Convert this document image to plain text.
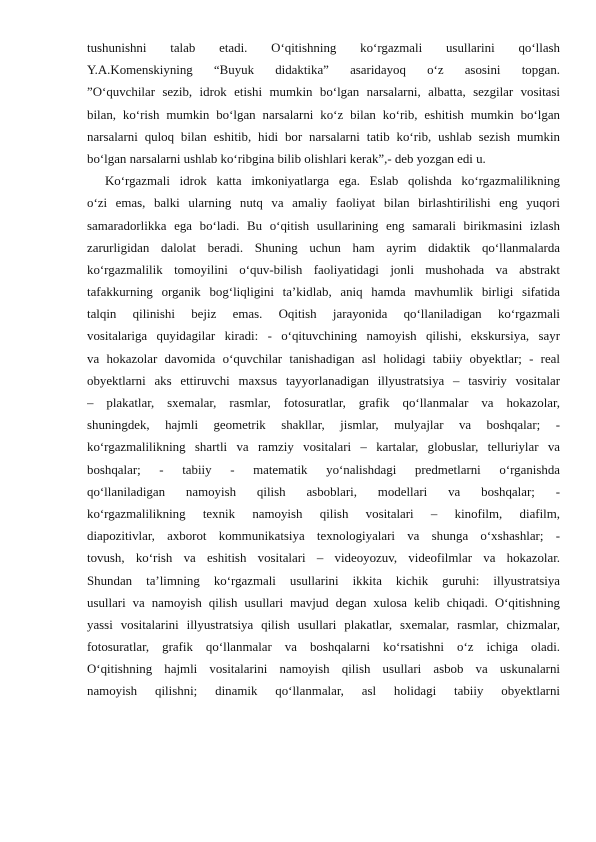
tushunishni talab etadi. O‘qitishning ko‘rgazmali usullarini qo‘llash
Y.A.Komenskiyning “Buyuk didaktika” asaridayoq o‘z asosini topgan.
”O‘quvchilar sezib, idrok etishi mumkin bo‘lgan narsalarni, albatta, sezgilar vositasi
bilan, ko‘rish mumkin bo‘lgan narsalarni ko‘z bilan ko‘rib, eshitish mumkin bo‘lgan
narsalarni quloq bilan eshitib, hidi bor narsalarni tatib ko‘rib, ushlab sezish mumkin
bo‘lgan narsalarni ushlab ko‘ribgina bilib olishlari kerak”,- deb yozgan edi u.
Ko‘rgazmali idrok katta imkoniyatlarga ega. Eslab qolishda ko‘rgazmalilikning
o‘zi emas, balki ularning nutq va amaliy faoliyat bilan birlashtirilishi eng yuqori
samaradorlikka ega bo‘ladi. Bu o‘qitish usullarining eng samarali birikmasini izlash
zarurligidan dalolat beradi. Shuning uchun ham ayrim didaktik qo‘llanmalarda
ko‘rgazmalilik tomoyilini o‘quv-bilish faoliyatidagi jonli mushohada va abstrakt
tafakkurning organik bog‘liqligini ta’kidlab, aniq hamda mavhumlik birligi sifatida
talqin qilinishi bejiz emas. Oqitish jarayonida qo‘llaniladigan ko‘rgazmali
vositalariga quyidagilar kiradi: - o‘qituvchining namoyish qilishi, ekskursiya, sayr
va hokazolar davomida o‘quvchilar tanishadigan asl holidagi tabiiy obyektlar; - real
obyektlarni aks ettiruvchi maxsus tayyorlanadigan illyustratsiya – tasviriy vositalar
– plakatlar, sxemalar, rasmlar, fotosuratlar, grafik qo‘llanmalar va hokazolar,
shuningdek, hajmli geometrik shakllar, jismlar, mulyajlar va boshqalar; -
ko‘rgazmalilikning shartli va ramziy vositalari – kartalar, globuslar, telluriylar va
boshqalar; - tabiiy - matematik yo‘nalishdagi predmetlarni o‘rganishda
qo‘llaniladigan namoyish qilish asboblari, modellari va boshqalar; -
ko‘rgazmalilikning texnik namoyish qilish vositalari – kinofilm, diafilm,
diapozitivlar, axborot kommunikatsiya texnologiyalari va shunga o‘xshashlar; -
tovush, ko‘rish va eshitish vositalari – videoyozuv, videofilmlar va hokazolar.
Shundan ta’limning ko‘rgazmali usullarini ikkita kichik guruhi: illyustratsiya
usullari va namoyish qilish usullari mavjud degan xulosa kelib chiqadi. O‘qitishning
yassi vositalarini illyustratsiya qilish usullari plakatlar, sxemalar, rasmlar, chizmalar,
fotosuratlar, grafik qo‘llanmalar va boshqalarni ko‘rsatishni o‘z ichiga oladi.
O‘qitishning hajmli vositalarini namoyish qilish usullari asbob va uskunalarni
namoyish qilishni; dinamik qo‘llanmalar, asl holidagi tabiiy obyektlarni
